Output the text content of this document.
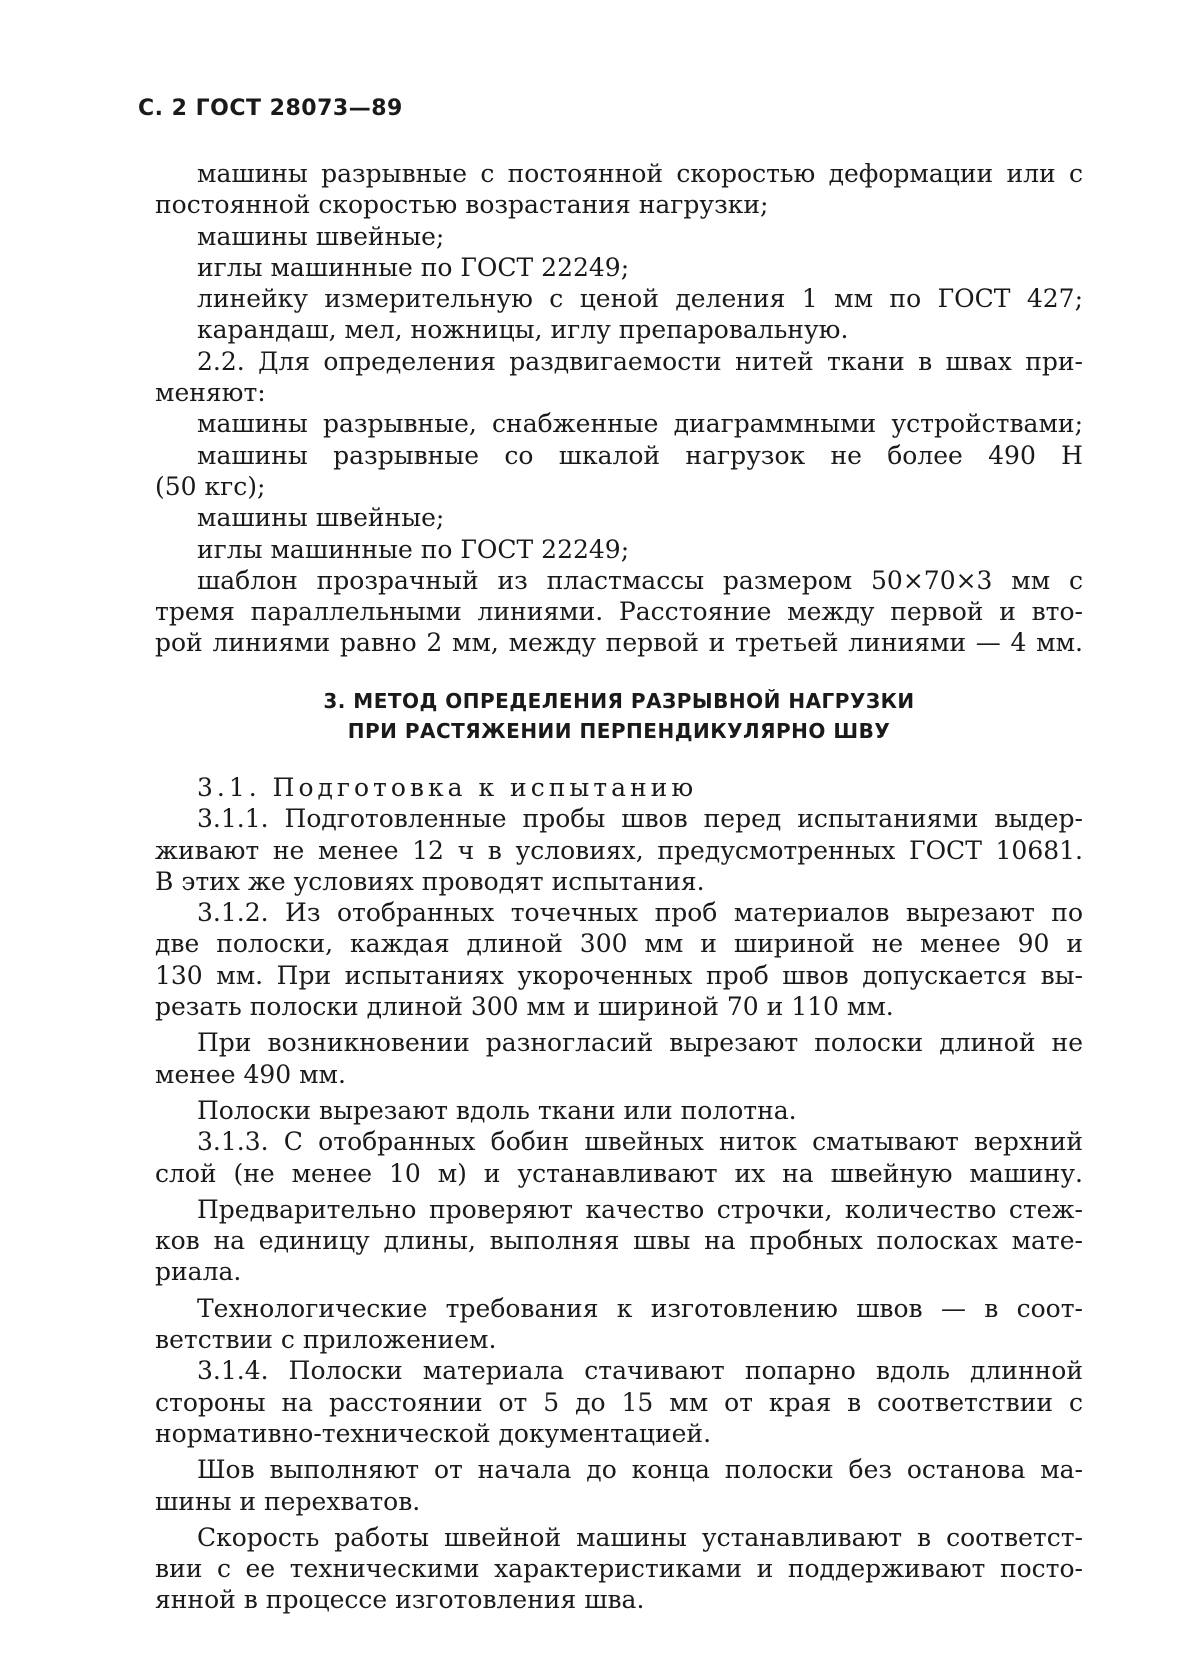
С. 2 ГОСТ 28073—89
машины разрывные с постоянной скоростью деформации или с
постоянной скоростью возрастания нагрузки;
машины швейные;
иглы машинные по ГОСТ 22249;
линейку измерительную с ценой деления 1 мм по ГОСТ 427;
карандаш, мел, ножницы, иглу препаровальную.
2.2. Для определения раздвигаемости нитей ткани в швах при-
меняют:
машины разрывные, снабженные диаграммными устройствами;
машины разрывные со шкалой нагрузок не более 490 Н
(50 кгс);
машины швейные;
иглы машинные по ГОСТ 22249;
шаблон прозрачный из пластмассы размером 50×70×3 мм с
тремя параллельными линиями. Расстояние между первой и вто-
рой линиями равно 2 мм, между первой и третьей линиями — 4 мм.
3. МЕТОД ОПРЕДЕЛЕНИЯ РАЗРЫВНОЙ НАГРУЗКИ
ПРИ РАСТЯЖЕНИИ ПЕРПЕНДИКУЛЯРНО ШВУ
3.1. Подготовка к испытанию
3.1.1. Подготовленные пробы швов перед испытаниями выдер-
живают не менее 12 ч в условиях, предусмотренных ГОСТ 10681.
В этих же условиях проводят испытания.
3.1.2. Из отобранных точечных проб материалов вырезают по
две полоски, каждая длиной 300 мм и шириной не менее 90 и
130 мм. При испытаниях укороченных проб швов допускается вы-
резать полоски длиной 300 мм и шириной 70 и 110 мм.
При возникновении разногласий вырезают полоски длиной не
менее 490 мм.
Полоски вырезают вдоль ткани или полотна.
3.1.3. С отобранных бобин швейных ниток сматывают верхний
слой (не менее 10 м) и устанавливают их на швейную машину.
Предварительно проверяют качество строчки, количество стеж-
ков на единицу длины, выполняя швы на пробных полосках мате-
риала.
Технологические требования к изготовлению швов — в соот-
ветствии с приложением.
3.1.4. Полоски материала стачивают попарно вдоль длинной
стороны на расстоянии от 5 до 15 мм от края в соответствии с
нормативно-технической документацией.
Шов выполняют от начала до конца полоски без останова ма-
шины и перехватов.
Скорость работы швейной машины устанавливают в соответст-
вии с ее техническими характеристиками и поддерживают посто-
янной в процессе изготовления шва.
